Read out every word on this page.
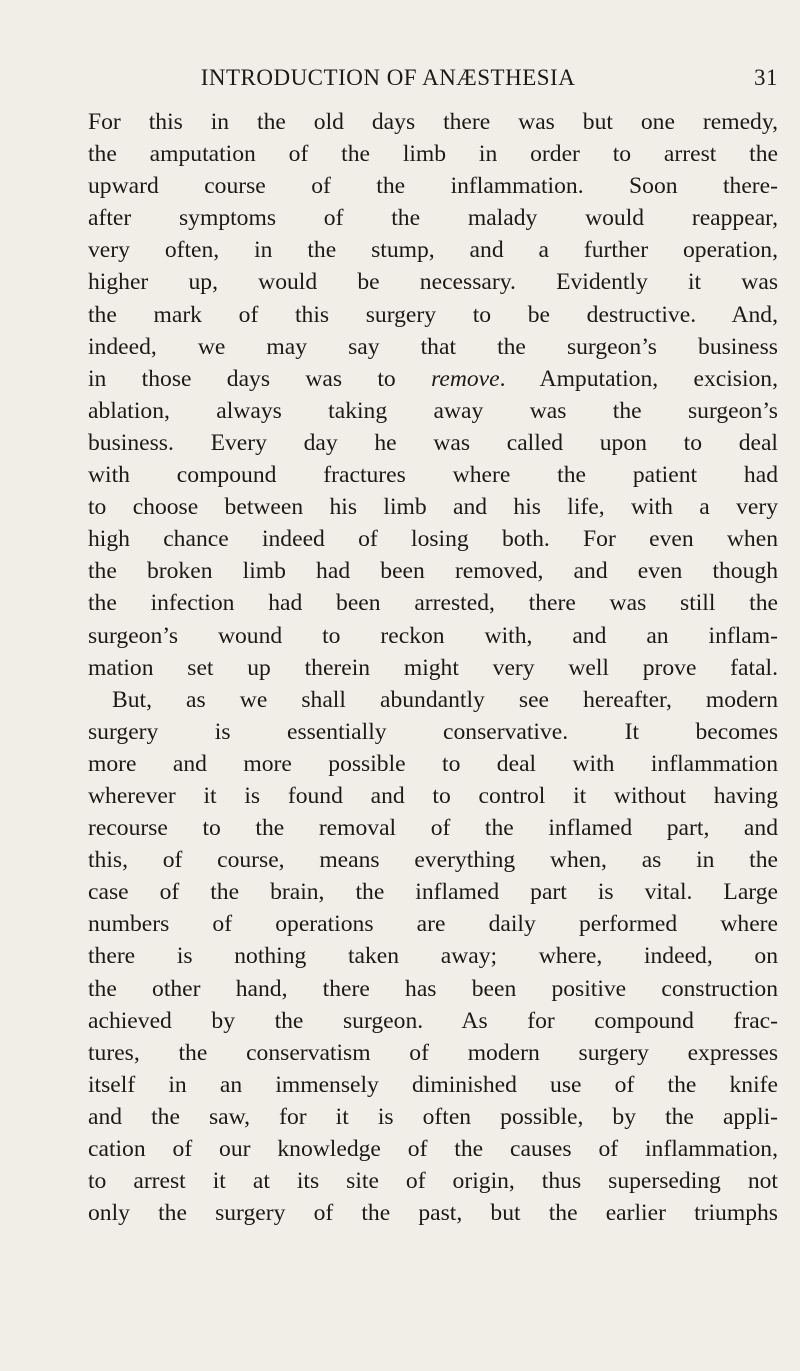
INTRODUCTION OF ANÆSTHESIA	31
For this in the old days there was but one remedy,
the amputation of the limb in order to arrest the
upward course of the inflammation. Soon there-
after symptoms of the malady would reappear,
very often, in the stump, and a further operation,
higher up, would be necessary. Evidently it was
the mark of this surgery to be destructive. And,
indeed, we may say that the surgeon’s business
in those days was to remove. Amputation, excision,
ablation, always taking away was the surgeon’s
business. Every day he was called upon to deal
with compound fractures where the patient had
to choose between his limb and his life, with a very
high chance indeed of losing both. For even when
the broken limb had been removed, and even though
the infection had been arrested, there was still the
surgeon’s wound to reckon with, and an inflam-
mation set up therein might very well prove fatal.
But, as we shall abundantly see hereafter, modern
surgery is essentially conservative. It becomes
more and more possible to deal with inflammation
wherever it is found and to control it without having
recourse to the removal of the inflamed part, and
this, of course, means everything when, as in the
case of the brain, the inflamed part is vital. Large
numbers of operations are daily performed where
there is nothing taken away; where, indeed, on
the other hand, there has been positive construction
achieved by the surgeon. As for compound frac-
tures, the conservatism of modern surgery expresses
itself in an immensely diminished use of the knife
and the saw, for it is often possible, by the appli-
cation of our knowledge of the causes of inflammation,
to arrest it at its site of origin, thus superseding not
only the surgery of the past, but the earlier triumphs
